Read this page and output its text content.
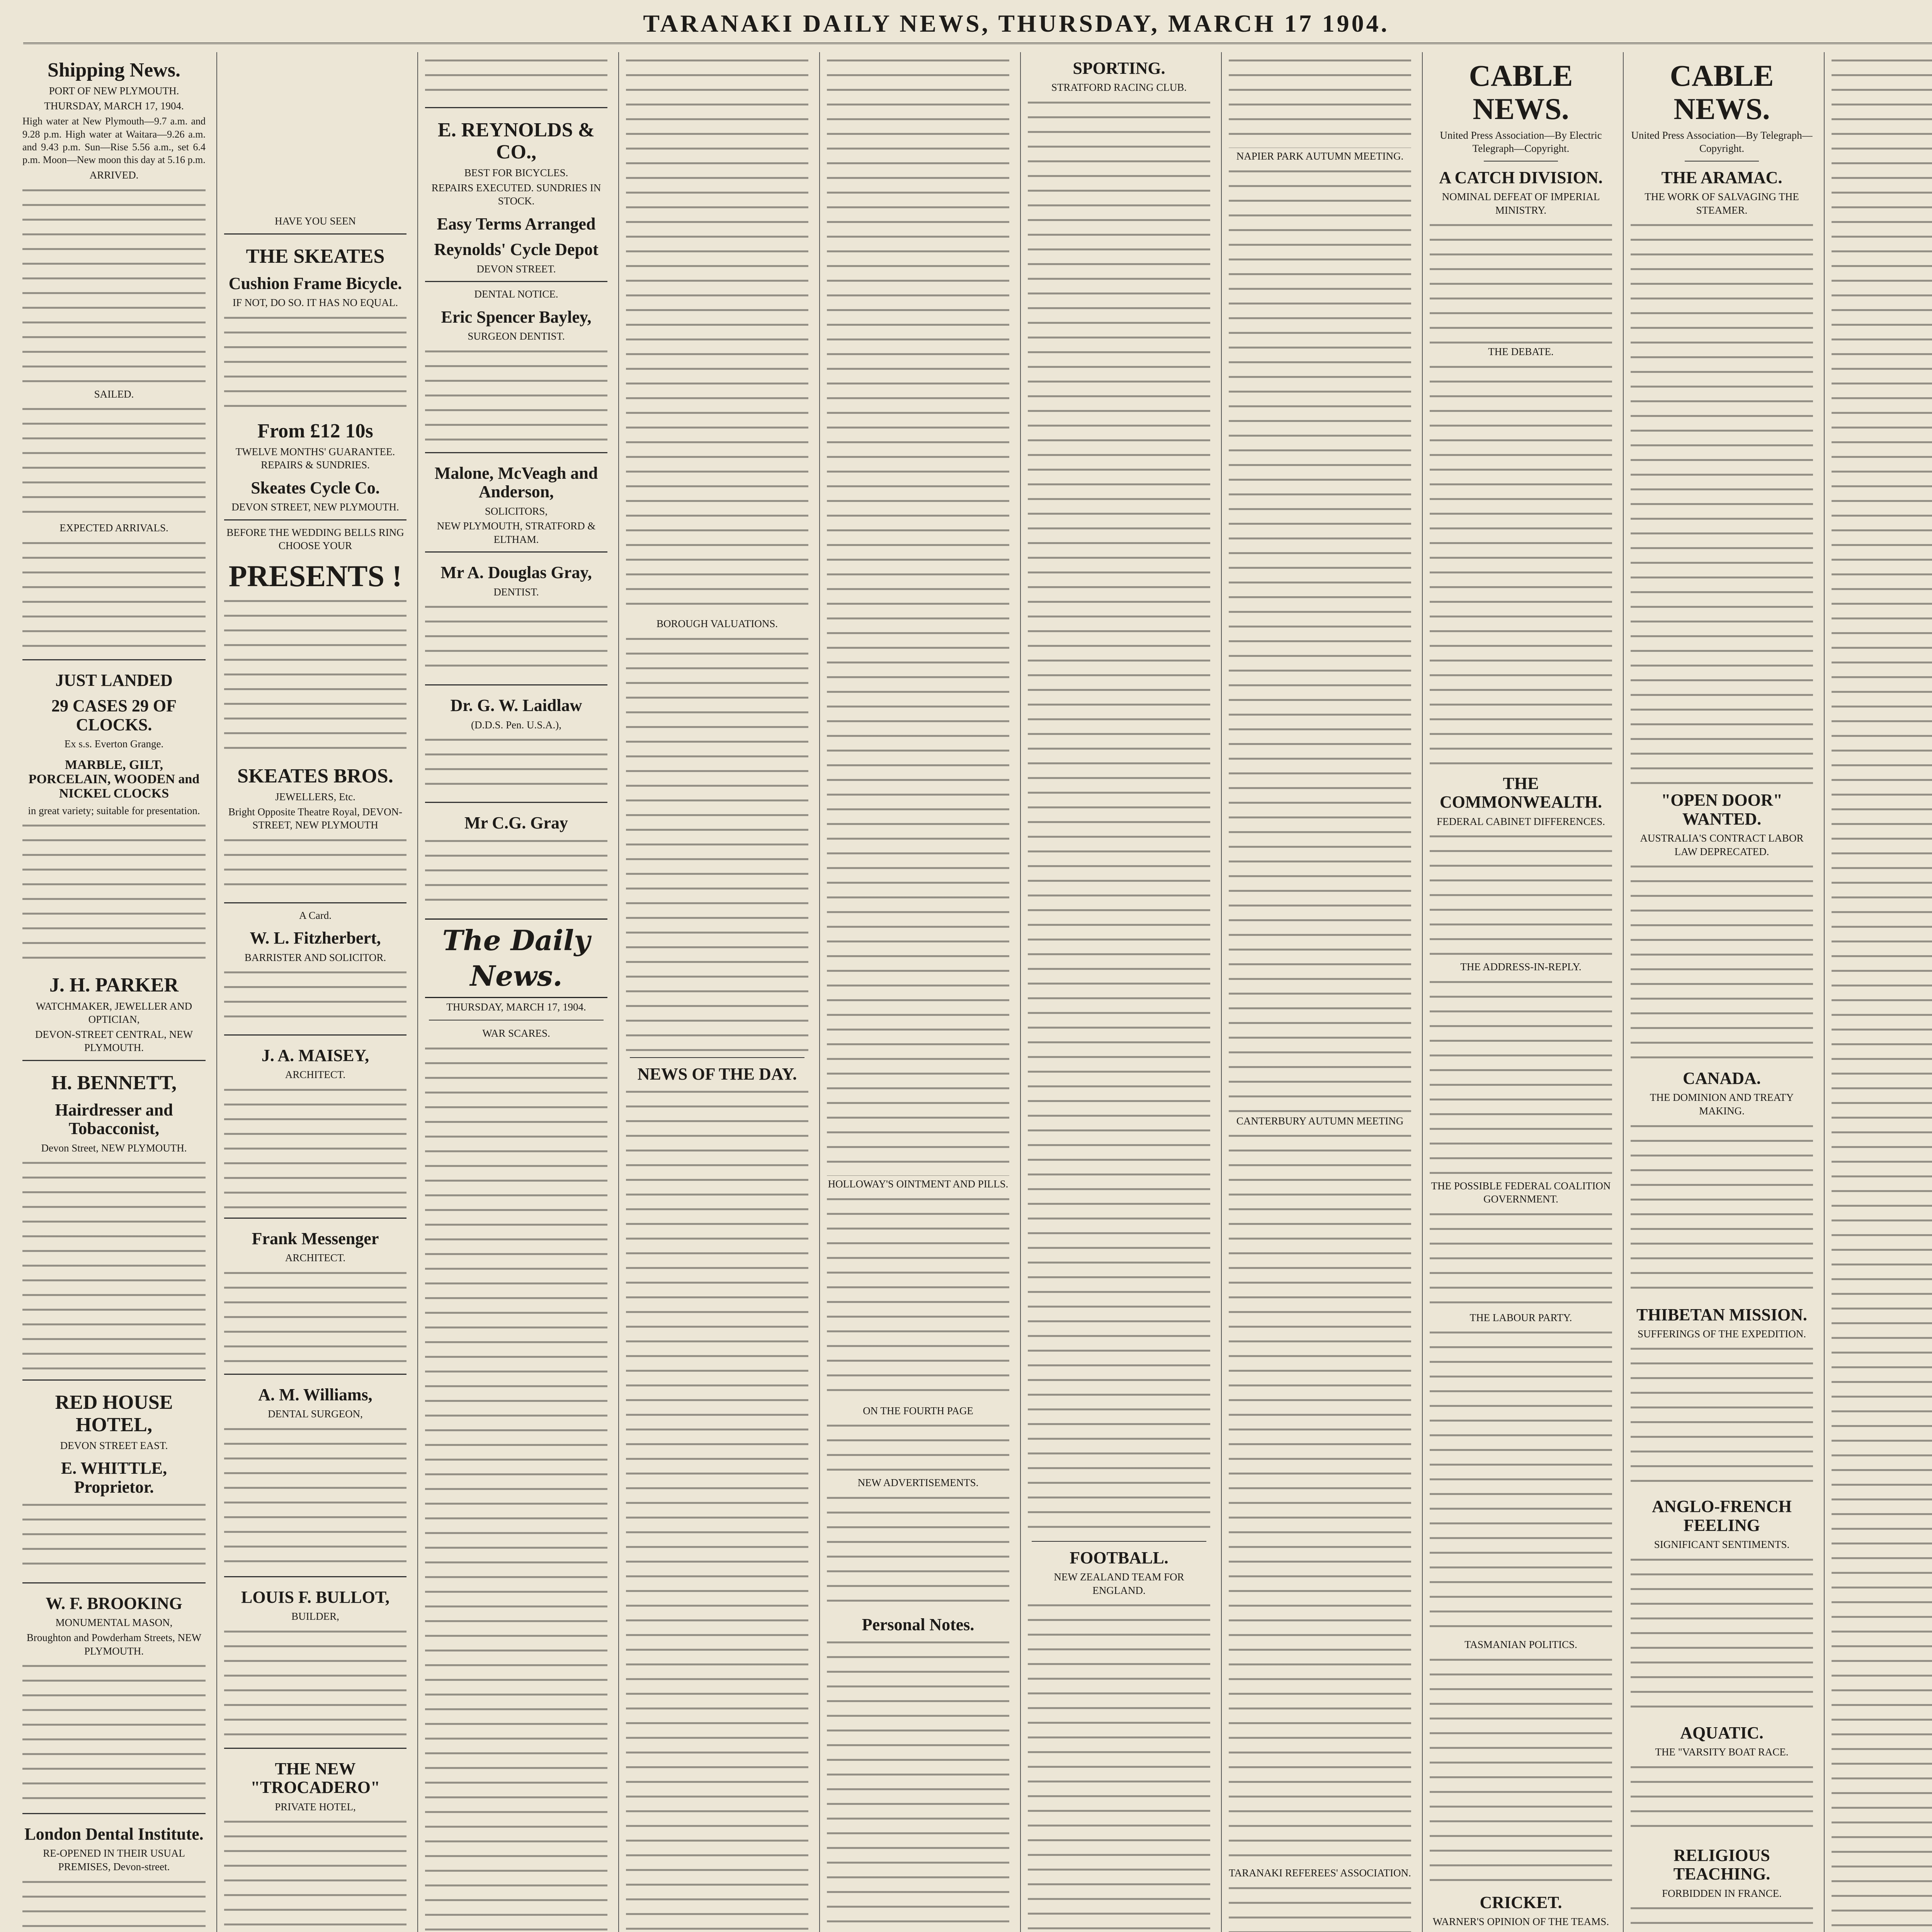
TARANAKI DAILY NEWS, THURSDAY, MARCH 17 1904.
Shipping News.
PORT OF NEW PLYMOUTH.
THURSDAY, MARCH 17, 1904.

High water at New Plymouth—9.7 a.m. and 9.28 p.m. High water at Waitara—9.26 a.m. and 9.43 p.m. Sun—Rise 5.56 a.m., set 6.4 p.m. Moon—New moon this day at 5.16 p.m.

ARRIVED.
SAILED.
EXPECTED ARRIVALS.
JUST LANDED
29 CASES 29 OF CLOCKS.
Ex s.s. Everton Grange.
MARBLE, GILT, PORCELAIN, WOODEN and NICKEL CLOCKS
in great variety; suitable for presentation.
J. H. PARKER
WATCHMAKER, JEWELLER AND OPTICIAN,
DEVON-STREET CENTRAL, NEW PLYMOUTH.
H. BENNETT,
Hairdresser and Tobacconist,
Devon Street, NEW PLYMOUTH.
RED HOUSE HOTEL,
DEVON STREET EAST.
E. WHITTLE, Proprietor.
W. F. BROOKING
MONUMENTAL MASON,
Broughton and Powderham Streets, NEW PLYMOUTH.
London Dental Institute.
RE-OPENED IN THEIR USUAL PREMISES, Devon-street.
HAVE YOU SEEN
THE SKEATES
Cushion Frame Bicycle.
IF NOT, DO SO. IT HAS NO EQUAL.
From £12 10s
TWELVE MONTHS' GUARANTEE. REPAIRS & SUNDRIES.
Skeates Cycle Co.
DEVON STREET, NEW PLYMOUTH.
BEFORE THE WEDDING BELLS RING CHOOSE YOUR
PRESENTS !
SKEATES BROS.
JEWELLERS, Etc.
Bright Opposite Theatre Royal, DEVON-STREET, NEW PLYMOUTH
A Card.
W. L. Fitzherbert,
BARRISTER AND SOLICITOR.
J. A. MAISEY,
ARCHITECT.
Frank Messenger
ARCHITECT.
A. M. Williams,
DENTAL SURGEON,
LOUIS F. BULLOT,
BUILDER,
THE NEW "TROCADERO"
PRIVATE HOTEL,
E. REYNOLDS & CO.,
BEST FOR BICYCLES.
REPAIRS EXECUTED. SUNDRIES IN STOCK.
Easy Terms Arranged
Reynolds' Cycle Depot
DEVON STREET.
DENTAL NOTICE.
Eric Spencer Bayley,
SURGEON DENTIST.
Malone, McVeagh and Anderson,
SOLICITORS,
NEW PLYMOUTH, STRATFORD & ELTHAM.
Mr A. Douglas Gray,
DENTIST.
Dr. G. W. Laidlaw
(D.D.S. Pen. U.S.A.),
Mr C.G. Gray
The Daily News.
THURSDAY, MARCH 17, 1904.
WAR SCARES.
BOROUGH VALUATIONS.
NEWS OF THE DAY.
HOLLOWAY'S OINTMENT AND PILLS.
ON THE FOURTH PAGE
NEW ADVERTISEMENTS.
Personal Notes.
SPORTING.
STRATFORD RACING CLUB.
FOOTBALL.
NEW ZEALAND TEAM FOR ENGLAND.
NAPIER PARK AUTUMN MEETING.
CANTERBURY AUTUMN MEETING
TARANAKI REFEREES' ASSOCIATION.
CABLE NEWS.
United Press Association—By Electric Telegraph—Copyright.
A CATCH DIVISION.
NOMINAL DEFEAT OF IMPERIAL MINISTRY.
THE DEBATE.
THE COMMONWEALTH.
FEDERAL CABINET DIFFERENCES.
THE ADDRESS-IN-REPLY.
THE POSSIBLE FEDERAL COALITION GOVERNMENT.
THE LABOUR PARTY.
TASMANIAN POLITICS.
CRICKET.
WARNER'S OPINION OF THE TEAMS.
CABLE NEWS.
United Press Association—By Telegraph—Copyright.
THE ARAMAC.
THE WORK OF SALVAGING THE STEAMER.
"OPEN DOOR" WANTED.
AUSTRALIA'S CONTRACT LABOR LAW DEPRECATED.
CANADA.
THE DOMINION AND TREATY MAKING.
THIBETAN MISSION.
SUFFERINGS OF THE EXPEDITION.
ANGLO-FRENCH FEELING
SIGNIFICANT SENTIMENTS.
AQUATIC.
THE "VARSITY BOAT RACE.
RELIGIOUS TEACHING.
FORBIDDEN IN FRANCE.
